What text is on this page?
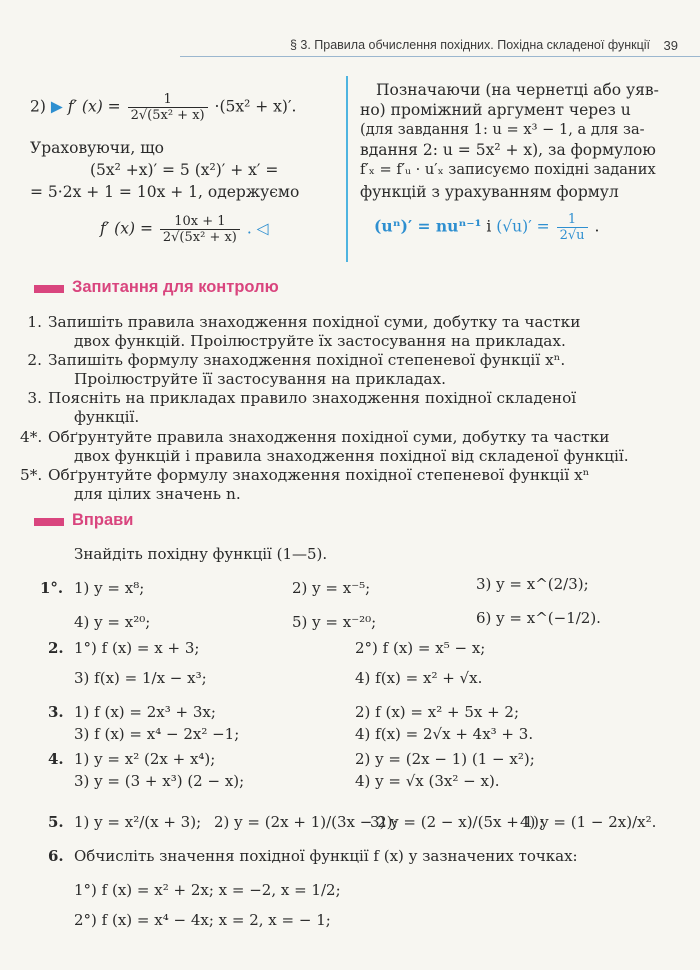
§ 3. Правила обчислення похідних. Похідна складеної функції 39
2) ▶ f′ $(x) = \frac{1}{\text{2√(5x² + x)}} \cdot(5x^2 + x)'$.
Ураховуючи, що
(5x² +x)′ = 5 (x²)′ + x′ =
= 5·2x + 1 = 10x + 1, одержуємо
f′ $(x) = \frac{10x + 1}{\text{2√(5x² + x)}}$ . ◁
Позначаючи (на чернетці або уяв-
но) проміжний аргумент через u
(для завдання 1: u = x³ − 1, а для за-
вдання 2: u = 5x² + x), за формулою
f′ₓ = f′ᵤ · u′ₓ записуємо похідні заданих
функцій з урахуванням формул
(uⁿ)′ = nuⁿ⁻¹ і $(√u)' = \frac{1}{2√u}$ .
Запитання для контролю
1. Запишіть правила знаходження похідної суми, добутку та частки
двох функцій. Проілюструйте їх застосування на прикладах.
2. Запишіть формулу знаходження похідної степеневої функції xⁿ.
Проілюструйте її застосування на прикладах.
3. Поясніть на прикладах правило знаходження похідної складеної
функції.
4*. Обґрунтуйте правила знаходження похідної суми, добутку та частки
двох функцій і правила знаходження похідної від складеної функції.
5*. Обґрунтуйте формулу знаходження похідної степеневої функції xⁿ
для цілих значень n.
Вправи
Знайдіть похідну функції (1—5).
1°. 1) y = x⁸;	2) y = x⁻⁵;	3) y = x^(2/3);
4) y = x²⁰;	5) y = x⁻²⁰;	6) y = x^(−1/2).
2. 1°) f (x) = x + 3;	2°) f (x) = x⁵ − x;
3) f(x) = 1/x − x³;	4) f(x) = x² + √x.
3. 1) f (x) = 2x³ + 3x;	2) f (x) = x² + 5x + 2;
3) f (x) = x⁴ − 2x² −1;	4) f(x) = 2√x + 4x³ + 3.
4. 1) y = x² (2x + x⁴);	2) y = (2x − 1) (1 − x²);
3) y = (3 + x³) (2 − x);	4) y = √x (3x² − x).
5. 1) y = x²/(x + 3); 2) y = (2x + 1)/(3x − 2);
3) y = (2 − x)/(5x + 1);
4) y = (1 − 2x)/x².
6. Обчисліть значення похідної функції f (x) у зазначених точках:
1°) f (x) = x² + 2x; x = −2, x = 1/2;
2°) f (x) = x⁴ − 4x; x = 2, x = − 1;
